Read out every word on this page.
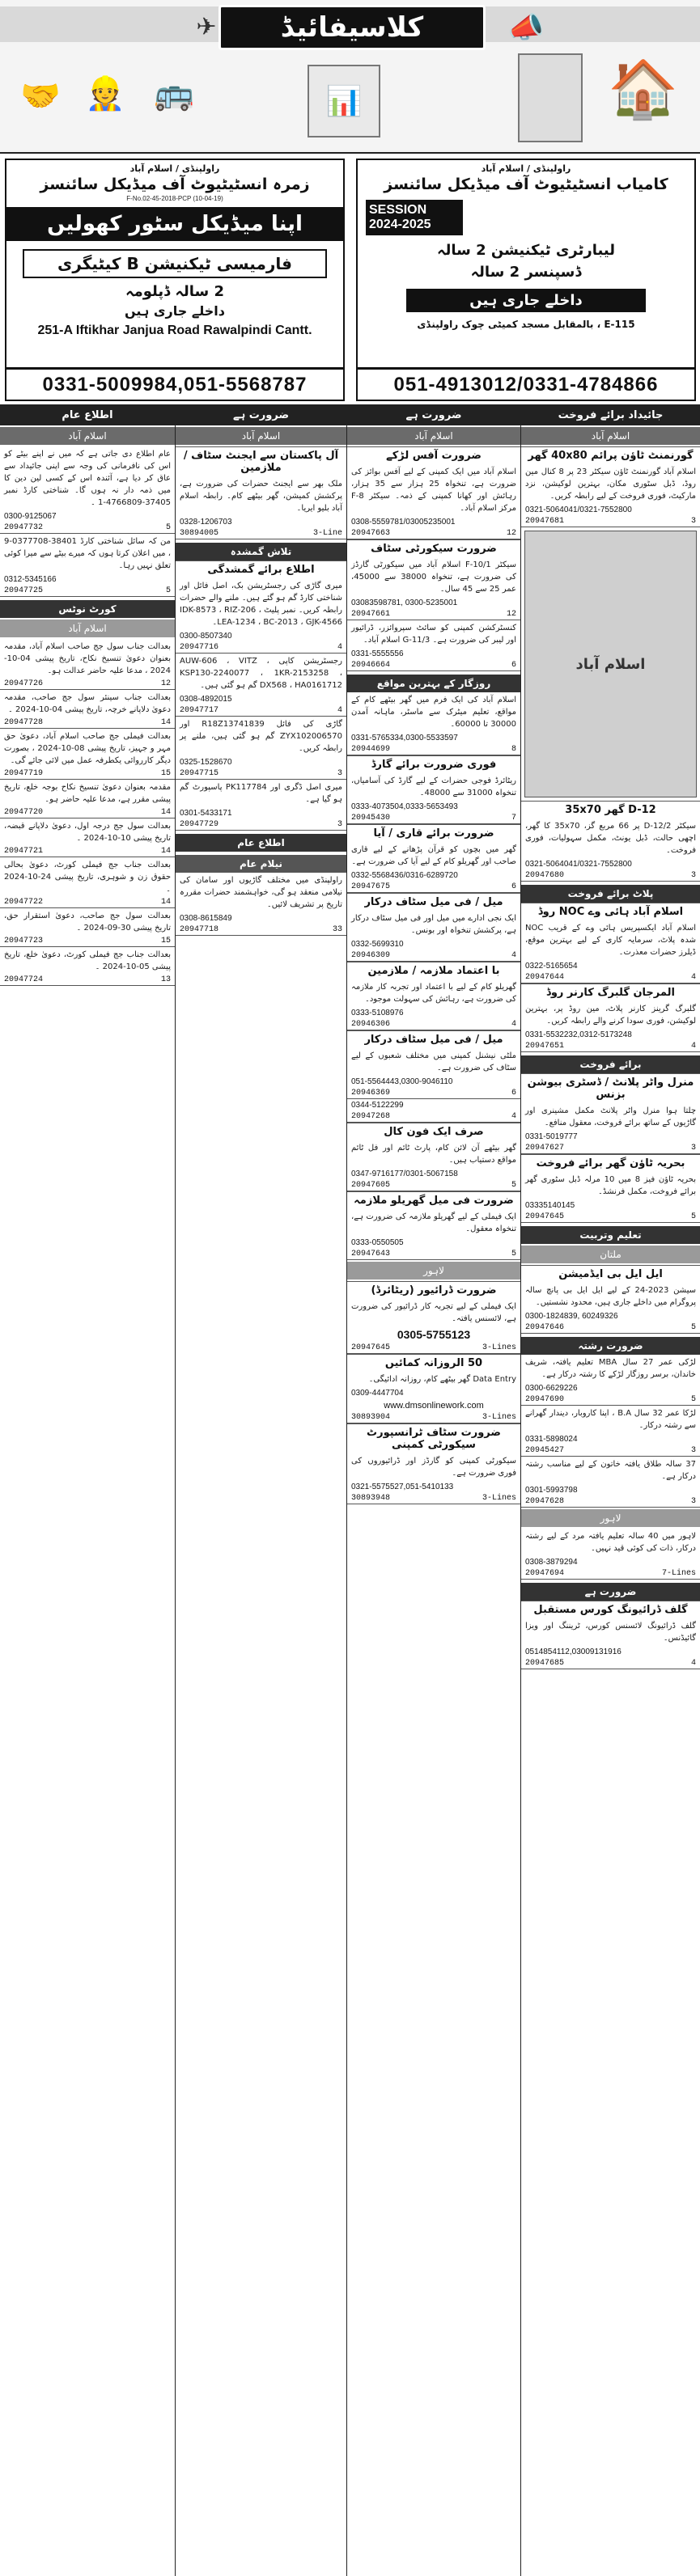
کلاسیفائیڈ
🤝 👷 🚌
✈
📊
📣
🏠
راولپنڈی / اسلام آباد
زمرہ انسٹیٹیوٹ آف میڈیکل سائنسز
F-No.02-45-2018-PCP (10-04-19)
اپنا میڈیکل سٹور کھولیں
فارمیسی ٹیکنیشن B کیٹیگری
2 سالہ ڈپلومہ
داخلے جاری ہیں
251-A Iftikhar Janjua Road Rawalpindi Cantt.
0331-5009984,051-5568787
راولپنڈی / اسلام آباد
کامیاب انسٹیٹیوٹ آف میڈیکل سائنسز
SESSION 2024-2025
لیبارٹری ٹیکنیشن 2 سالہ
ڈسپنسر 2 سالہ
داخلے جاری ہیں
E-115 ، بالمقابل مسجد کمیٹی چوک راولپنڈی
051-4913012/0331-4784866
اطلاع عام
اسلام آباد
عام اطلاع دی جاتی ہے کہ میں نے اپنے بیٹے کو اس کی نافرمانی کی وجہ سے اپنی جائیداد سے عاق کر دیا ہے، آئندہ اس کے کسی لین دین کا میں ذمہ دار نہ ہوں گا۔ شناختی کارڈ نمبر 37405-4766809-1 ۔
0300-9125067
20947732	5
من کہ سائل شناختی کارڈ 38401-0377708-9 ، میں اعلان کرتا ہوں کہ میرے بیٹے سے میرا کوئی تعلق نہیں رہا۔
0312-5345166
20947725	5
کورٹ نوٹس
اسلام آباد
بعدالت جناب سول جج صاحب اسلام آباد، مقدمہ بعنوان دعویٰ تنسیخ نکاح، تاریخ پیشی 04-10-2024 ، مدعا علیہ حاضر عدالت ہو۔
20947726	12
بعدالت جناب سینئر سول جج صاحب، مقدمہ دعویٰ دلاپانے خرچہ، تاریخ پیشی 04-10-2024 ۔
20947728	14
بعدالت فیملی جج صاحب اسلام آباد، دعویٰ حق مہر و جہیز، تاریخ پیشی 08-10-2024 ، بصورت دیگر کارروائی یکطرفہ عمل میں لائی جائے گی۔
20947719	15
مقدمہ بعنوان دعویٰ تنسیخ نکاح بوجہ خلع، تاریخ پیشی مقرر ہے، مدعا علیہ حاضر ہو۔
20947720	14
بعدالت سول جج درجہ اول، دعویٰ دلاپانے قبضہ، تاریخ پیشی 10-10-2024 ۔
20947721	14
بعدالت جناب جج فیملی کورٹ، دعویٰ بحالی حقوق زن و شوہری، تاریخ پیشی 24-10-2024 ۔
20947722	14
بعدالت سول جج صاحب، دعویٰ استقرار حق، تاریخ پیشی 30-09-2024 ۔
20947723	15
بعدالت جناب جج فیملی کورٹ، دعویٰ خلع، تاریخ پیشی 05-10-2024 ۔
20947724	13
ضرورت ہے
اسلام آباد
آل پاکستان سے ایجنٹ سٹاف / ملازمین
ملک بھر سے ایجنٹ حضرات کی ضرورت ہے، پرکشش کمیشن، گھر بیٹھے کام۔ رابطہ اسلام آباد بلیو ایریا۔
0328-1206703
30894005	3-Line
تلاش گمشدہ
اطلاع برائے گمشدگی
میری گاڑی کی رجسٹریشن بک، اصل فائل اور شناختی کارڈ گم ہو گئے ہیں۔ ملنے والے حضرات رابطہ کریں۔ نمبر پلیٹ IDK-8573 ، RIZ-206 ، LEA-1234 ، BC-2013 ، GJK-4566۔
0300-8507340
20947716	4
رجسٹریشن کاپی AUW-606 ، VITZ ، KSP130-2240077 ، 1KR-2153258 ، DX568 ، HA0161712 گم ہو گئی ہیں۔
0308-4892015
20947717	4
گاڑی کی فائل R18Z13741839 اور ZYX102006570 گم ہو گئی ہیں، ملنے پر رابطہ کریں۔
0325-1528670
20947715	3
میری اصل ڈگری اور PK117784 پاسپورٹ گم ہو گیا ہے۔
0301-5433171
20947729	3
اطلاع عام
نیلام عام
راولپنڈی میں مختلف گاڑیوں اور سامان کی نیلامی منعقد ہو گی، خواہشمند حضرات مقررہ تاریخ پر تشریف لائیں۔
0308-8615849
20947718	33
ضرورت ہے
اسلام آباد
ضرورت آفس لڑکے
اسلام آباد میں ایک کمپنی کے لیے آفس بوائز کی ضرورت ہے، تنخواہ 25 ہزار سے 35 ہزار، رہائش اور کھانا کمپنی کے ذمہ۔ سیکٹر F-8 مرکز اسلام آباد۔
0308-5559781/03005235001
20947663	12
ضرورت سیکورٹی سٹاف
سیکٹر F-10/1 اسلام آباد میں سیکورٹی گارڈز کی ضرورت ہے، تنخواہ 38000 سے 45000، عمر 25 سے 45 سال۔
03083598781, 0300-5235001
20947661	12
کنسٹرکشن کمپنی کو سائٹ سپروائزر، ڈرائیور اور لیبر کی ضرورت ہے۔ G-11/3 اسلام آباد۔
0331-5555556
20946664	6
روزگار کے بہترین مواقع
اسلام آباد کی ایک فرم میں گھر بیٹھے کام کے مواقع، تعلیم میٹرک سے ماسٹر، ماہانہ آمدن 30000 تا 60000۔
0331-5765334,0300-5533597
20944699	8
فوری ضرورت برائے گارڈ
ریٹائرڈ فوجی حضرات کے لیے گارڈ کی آسامیاں، تنخواہ 31000 سے 48000۔
0333-4073504,0333-5653493
20945430	7
ضرورت برائے قاری / آیا
گھر میں بچوں کو قرآن پڑھانے کے لیے قاری صاحب اور گھریلو کام کے لیے آیا کی ضرورت ہے۔
0332-5568436/0316-6289720
20947675	6
میل / فی میل سٹاف درکار
ایک نجی ادارے میں میل اور فی میل سٹاف درکار ہے، پرکشش تنخواہ اور بونس۔
0332-5699310
20946309	4
با اعتماد ملازمہ / ملازمین
گھریلو کام کے لیے با اعتماد اور تجربہ کار ملازمہ کی ضرورت ہے، رہائش کی سہولت موجود۔
0333-5108976
20946306	4
میل / فی میل سٹاف درکار
ملٹی نیشنل کمپنی میں مختلف شعبوں کے لیے سٹاف کی ضرورت ہے۔
051-5564443,0300-9046110
20946369	6
0344-5122299
20947268	4
صرف ایک فون کال
گھر بیٹھے آن لائن کام، پارٹ ٹائم اور فل ٹائم مواقع دستیاب ہیں۔
0347-9716177/0301-5067158
20947605	5
ضرورت فی میل گھریلو ملازمہ
ایک فیملی کے لیے گھریلو ملازمہ کی ضرورت ہے، تنخواہ معقول۔
0333-0550505
20947643	5
لاہور
ضرورت ڈرائیور (ریٹائرڈ)
ایک فیملی کے لیے تجربہ کار ڈرائیور کی ضرورت ہے، لائسنس یافتہ۔
0305-5755123
20947645	3-Lines
50 الروزانہ کمائیں
Data Entry گھر بیٹھے کام، روزانہ ادائیگی۔
0309-4447704
www.dmsonlinework.com
30893904	3-Lines
ضرورت سٹاف ٹرانسپورٹ سیکورٹی کمپنی
سیکورٹی کمپنی کو گارڈز اور ڈرائیوروں کی فوری ضرورت ہے۔
0321-5575527,051-5410133
30893948	3-Lines
جائیداد برائے فروخت
اسلام آباد
گورنمنٹ ٹاؤن پرائم 40x80 گھر
اسلام آباد گورنمنٹ ٹاؤن سیکٹر 23 پر 8 کنال مین روڈ، ڈبل سٹوری مکان، بہترین لوکیشن، نزد مارکیٹ، فوری فروخت کے لیے رابطہ کریں۔
0321-5064041/0321-7552800
20947681	3
اسلام آباد
D-12 گھر 35x70
سیکٹر D-12/2 پر 66 مربع گز، 35x70 کا گھر، اچھی حالت، ڈبل یونٹ، مکمل سہولیات، فوری فروخت۔
0321-5064041/0321-7552800
20947680	3
پلاٹ برائے فروخت
اسلام آباد ہائی وے NOC روڈ
اسلام آباد ایکسپریس ہائی وے کے قریب NOC شدہ پلاٹ، سرمایہ کاری کے لیے بہترین موقع، ڈیلرز حضرات معذرت۔
0322-5165654
20947644	4
المرجان گلبرگ کارنر روڈ
گلبرگ گرینز کارنر پلاٹ، مین روڈ پر، بہترین لوکیشن، فوری سودا کرنے والے رابطہ کریں۔
0331-5532232,0312-5173248
20947651	4
برائے فروخت
منرل واٹر پلانٹ / ڈسٹری بیوشن بزنس
چلتا ہوا منرل واٹر پلانٹ مکمل مشینری اور گاڑیوں کے ساتھ برائے فروخت، معقول منافع۔
0331-5019777
20947627	3
بحریہ ٹاؤن گھر برائے فروخت
بحریہ ٹاؤن فیز 8 میں 10 مرلہ ڈبل سٹوری گھر برائے فروخت، مکمل فرنشڈ۔
03335140145
20947645	5
تعلیم وتربیت
ملتان
ایل ایل بی ایڈمیشن
سیشن 2023-24 کے لیے ایل ایل بی پانچ سالہ پروگرام میں داخلے جاری ہیں، محدود نشستیں۔
0300-1824839, 60249326
20947646	5
ضرورت رشتہ
لڑکی عمر 27 سال MBA تعلیم یافتہ، شریف خاندان، برسر روزگار لڑکے کا رشتہ درکار ہے۔
0300-6629226
20947690	5
لڑکا عمر 32 سال B.A ، اپنا کاروبار، دیندار گھرانے سے رشتہ درکار۔
0331-5898024
20945427	3
37 سالہ طلاق یافتہ خاتون کے لیے مناسب رشتہ درکار ہے۔
0301-5993798
20947628	3
لاہور
لاہور میں 40 سالہ تعلیم یافتہ مرد کے لیے رشتہ درکار، ذات کی کوئی قید نہیں۔
0308-3879294
20947694	7-Lines
ضرورت ہے
گلف ڈرائیونگ کورس مستقبل
گلف ڈرائیونگ لائسنس کورس، ٹریننگ اور ویزا گائیڈنس۔
0514854112,03009131916
20947685	4
